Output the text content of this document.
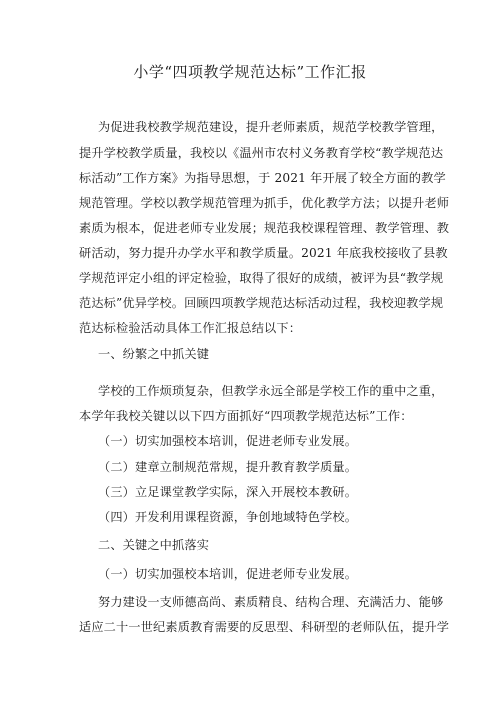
小学“四项教学规范达标”工作汇报
为促进我校教学规范建设，提升老师素质，规范学校教学管理，
提升学校教学质量，我校以《温州市农村义务教育学校“教学规范达
标活动”工作方案》为指导思想，于 2021 年开展了较全方面的教学
规范管理。学校以教学规范管理为抓手，优化教学方法；以提升老师
素质为根本，促进老师专业发展；规范我校课程管理、教学管理、教
研活动，努力提升办学水平和教学质量。2021 年底我校接收了县教
学规范评定小组的评定检验，取得了很好的成绩，被评为县“教学规
范达标”优异学校。回顾四项教学规范达标活动过程，我校迎教学规
范达标检验活动具体工作汇报总结以下：
一、纷繁之中抓关键
学校的工作烦琐复杂，但教学永远全部是学校工作的重中之重，
本学年我校关键以以下四方面抓好“四项教学规范达标”工作：
（一）切实加强校本培训，促进老师专业发展。
（二）建章立制规范常规，提升教育教学质量。
（三）立足课堂教学实际，深入开展校本教研。
（四）开发利用课程资源，争创地域特色学校。
二、关键之中抓落实
（一）切实加强校本培训，促进老师专业发展。
努力建设一支师德高尚、素质精良、结构合理、充满活力、能够
适应二十一世纪素质教育需要的反思型、科研型的老师队伍，提升学
